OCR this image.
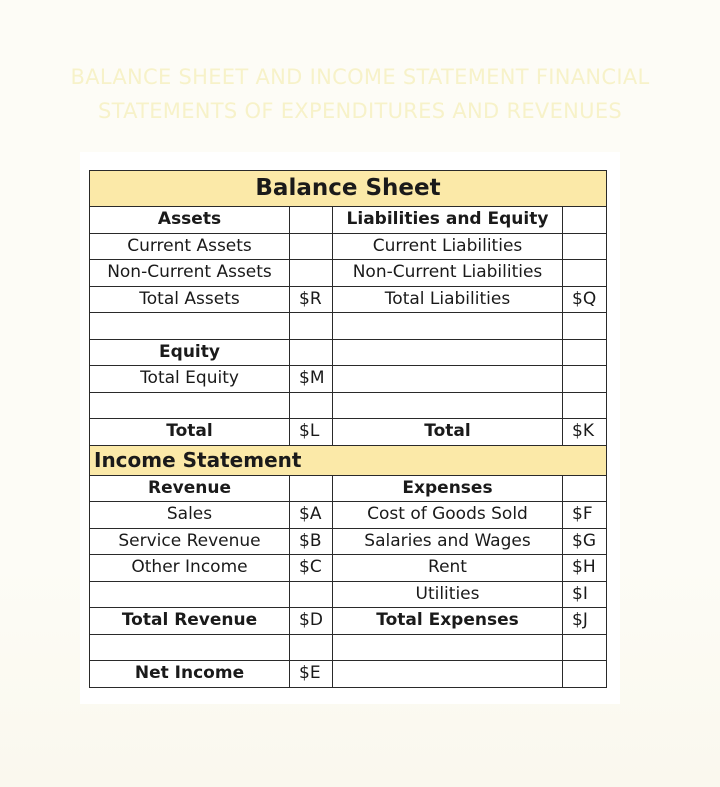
BALANCE SHEET AND INCOME STATEMENT FINANCIAL
STATEMENTS OF EXPENDITURES AND REVENUES
Balance Sheet			
Assets		Liabilities and Equity	
Current Assets		Current Liabilities	
Non-Current Assets		Non-Current Liabilities	
Total Assets	$R	Total Liabilities	$Q

Equity			
Total Equity	$M		

Total	$L	Total	$K
Income Statement			
Revenue		Expenses	
Sales	$A	Cost of Goods Sold	$F
Service Revenue	$B	Salaries and Wages	$G
Other Income	$C	Rent	$H
		Utilities	$I
Total Revenue	$D	Total Expenses	$J

Net Income	$E		
